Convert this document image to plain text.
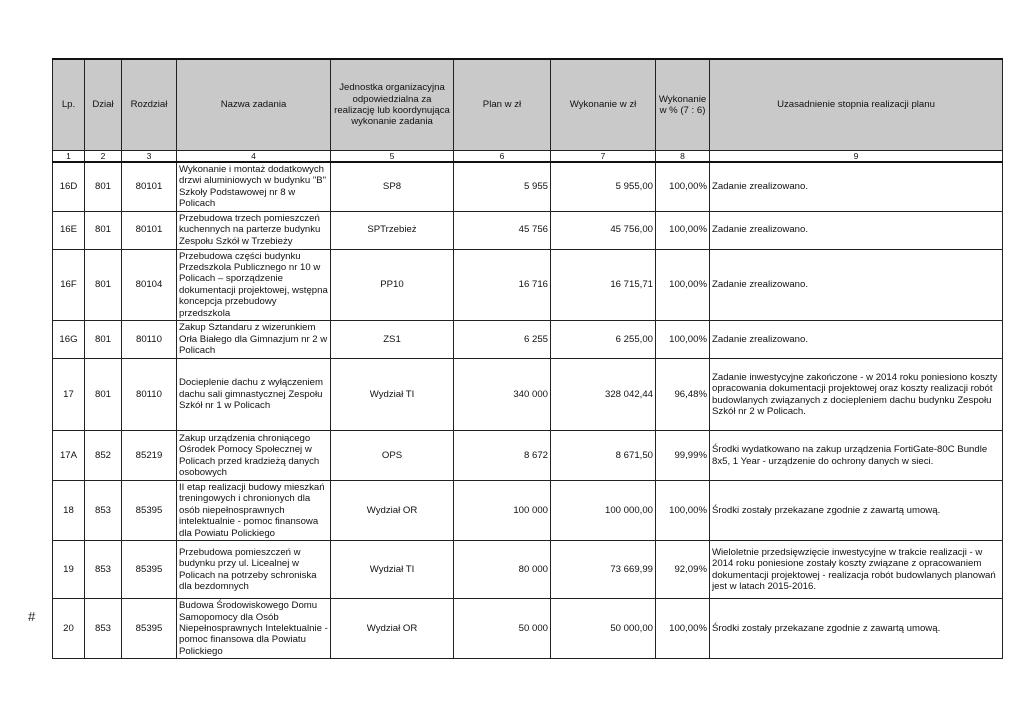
Lp.	Dział	Rozdział	Nazwa zadania	Jednostka organizacyjna odpowiedzialna za realizację lub koordynująca wykonanie zadania	Plan w zł	Wykonanie w zł	Wykonanie w % (7 : 6)	Uzasadnienie stopnia realizacji planu
1	2	3	4	5	6	7	8	9
16D	801	80101	Wykonanie i montaż dodatkowych drzwi aluminiowych w budynku "B" Szkoły Podstawowej nr 8 w Policach	SP8	5 955	5 955,00	100,00%	Zadanie zrealizowano.
16E	801	80101	Przebudowa trzech pomieszczeń kuchennych na parterze budynku Zespołu Szkół w Trzebieży	SPTrzebież	45 756	45 756,00	100,00%	Zadanie zrealizowano.
16F	801	80104	Przebudowa części budynku Przedszkola Publicznego nr 10 w Policach – sporządzenie dokumentacji projektowej, wstępna koncepcja przebudowy przedszkola	PP10	16 716	16 715,71	100,00%	Zadanie zrealizowano.
16G	801	80110	Zakup Sztandaru z wizerunkiem Orła Białego dla Gimnazjum nr 2 w Policach	ZS1	6 255	6 255,00	100,00%	Zadanie zrealizowano.
17	801	80110	Docieplenie dachu z wyłączeniem dachu sali gimnastycznej Zespołu Szkół nr 1 w Policach	Wydział TI	340 000	328 042,44	96,48%	Zadanie inwestycyjne zakończone - w 2014 roku poniesiono koszty opracowania dokumentacji projektowej oraz koszty realizacji robót budowlanych związanych z dociepleniem dachu budynku Zespołu Szkół nr 2 w Policach.
17A	852	85219	Zakup urządzenia chroniącego Ośrodek Pomocy Społecznej w Policach przed kradzieżą danych osobowych	OPS	8 672	8 671,50	99,99%	Środki wydatkowano na zakup urządzenia FortiGate-80C Bundle 8x5, 1 Year - urządzenie do ochrony danych w sieci.
18	853	85395	II etap realizacji budowy mieszkań treningowych i chronionych dla osób niepełnosprawnych intelektualnie - pomoc finansowa dla Powiatu Polickiego	Wydział OR	100 000	100 000,00	100,00%	Środki zostały przekazane zgodnie z zawartą umową.
19	853	85395	Przebudowa pomieszczeń w budynku przy ul. Licealnej w Policach na potrzeby schroniska dla bezdomnych	Wydział TI	80 000	73 669,99	92,09%	Wieloletnie przedsięwzięcie inwestycyjne w trakcie realizacji - w 2014 roku poniesione zostały koszty związane z opracowaniem dokumentacji projektowej - realizacja robót budowlanych planowań jest w latach 2015-2016.
20	853	85395	Budowa Środowiskowego Domu Samopomocy dla Osób Niepełnosprawnych Intelektualnie - pomoc finansowa dla Powiatu Polickiego	Wydział OR	50 000	50 000,00	100,00%	Środki zostały przekazane zgodnie z zawartą umową.
#
